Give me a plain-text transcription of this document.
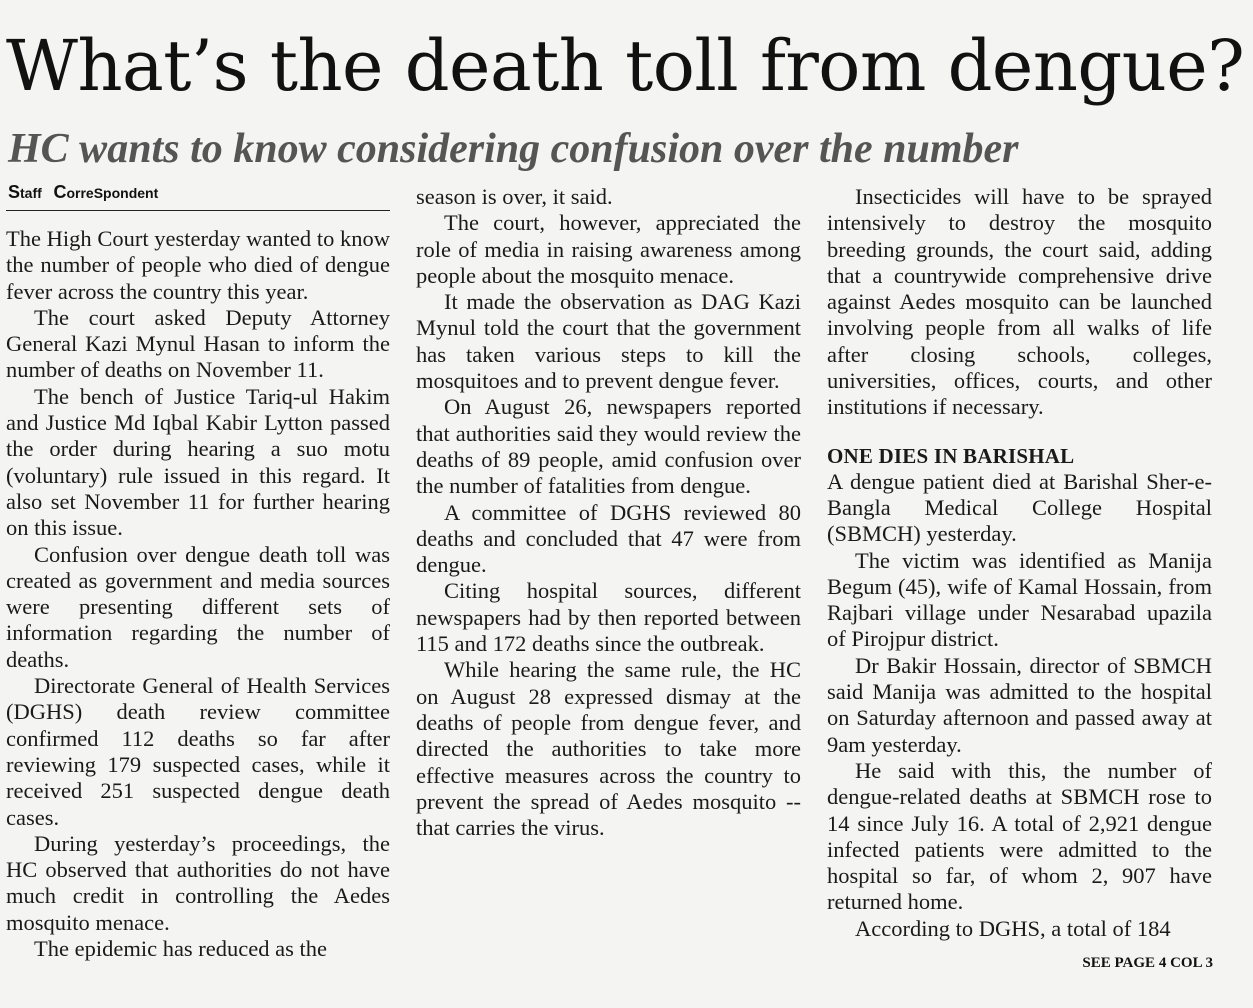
What’s the death toll from dengue?
HC wants to know considering confusion over the number
Staff CorreSpondent

The High Court yesterday wanted to know the number of people who died of dengue fever across the country this year.

The court asked Deputy Attorney General Kazi Mynul Hasan to inform the number of deaths on November 11.

The bench of Justice Tariq-ul Hakim and Justice Md Iqbal Kabir Lytton passed the order during hearing a suo motu (voluntary) rule issued in this regard. It also set November 11 for further hearing on this issue.

Confusion over dengue death toll was created as government and media sources were presenting different sets of information regarding the number of deaths.

Directorate General of Health Services (DGHS) death review committee confirmed 112 deaths so far after reviewing 179 suspected cases, while it received 251 suspected dengue death cases.

During yesterday’s proceedings, the HC observed that authorities do not have much credit in controlling the Aedes mosquito menace.

The epidemic has reduced as the

season is over, it said.

The court, however, appreciated the role of media in raising awareness among people about the mosquito menace.

It made the observation as DAG Kazi Mynul told the court that the government has taken various steps to kill the mosquitoes and to prevent dengue fever.

On August 26, newspapers reported that authorities said they would review the deaths of 89 people, amid confusion over the number of fatalities from dengue.

A committee of DGHS reviewed 80 deaths and concluded that 47 were from dengue.

Citing hospital sources, different newspapers had by then reported between 115 and 172 deaths since the outbreak.

While hearing the same rule, the HC on August 28 expressed dismay at the deaths of people from dengue fever, and directed the authorities to take more effective measures across the country to prevent the spread of Aedes mosquito -- that carries the virus.

Insecticides will have to be sprayed intensively to destroy the mosquito breeding grounds, the court said, adding that a countrywide comprehensive drive against Aedes mosquito can be launched involving people from all walks of life after closing schools, colleges, universities, offices, courts, and other institutions if necessary.

ONE DIES IN BARISHAL

A dengue patient died at Barishal Sher-e-Bangla Medical College Hospital (SBMCH) yesterday.

The victim was identified as Manija Begum (45), wife of Kamal Hossain, from Rajbari village under Nesarabad upazila of Pirojpur district.

Dr Bakir Hossain, director of SBMCH said Manija was admitted to the hospital on Saturday afternoon and passed away at 9am yesterday.

He said with this, the number of dengue-related deaths at SBMCH rose to 14 since July 16. A total of 2,921 dengue infected patients were admitted to the hospital so far, of whom 2, 907 have returned home.

According to DGHS, a total of 184

SEE PAGE 4 COL 3
